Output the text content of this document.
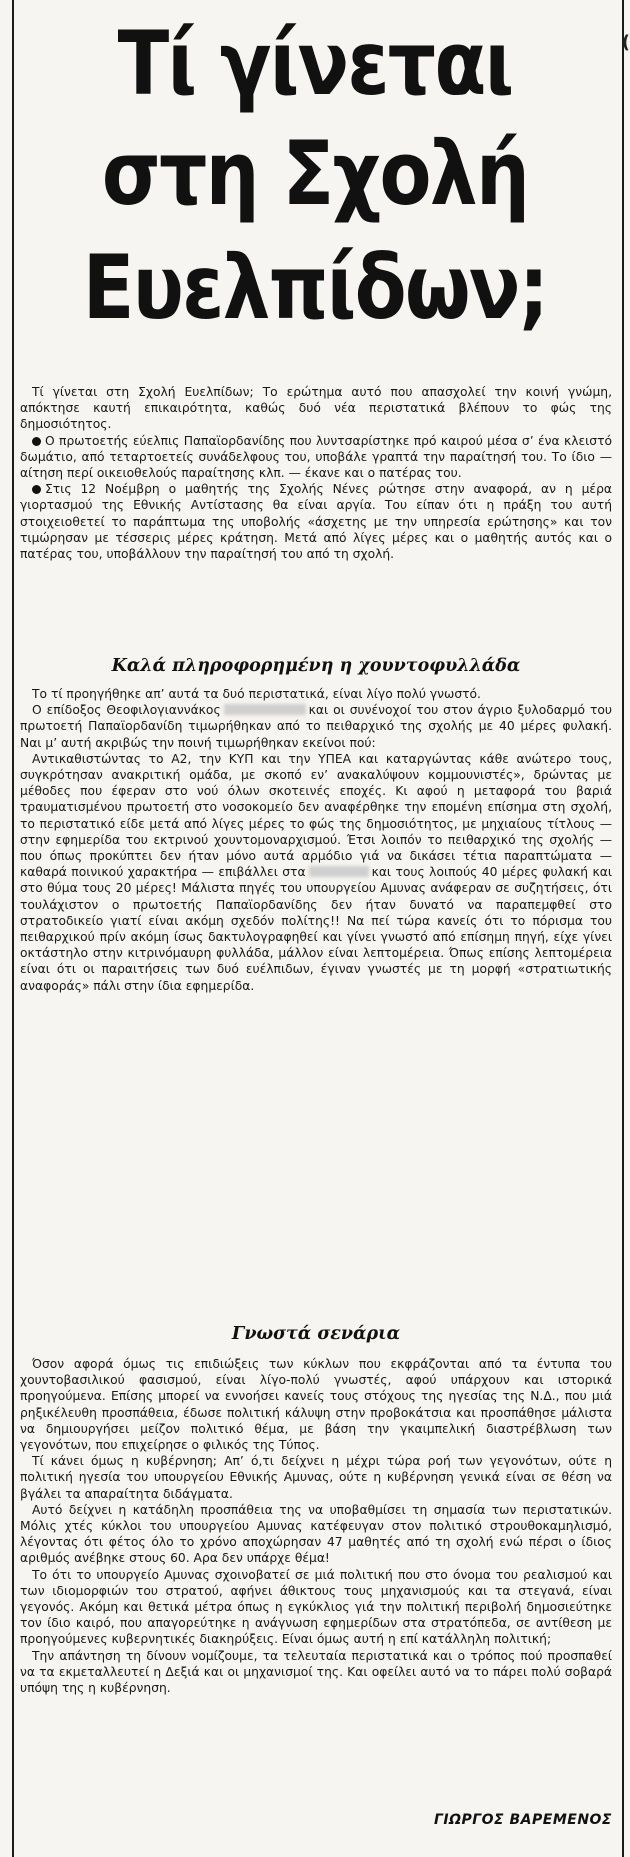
(
Τί γίνεται
στη Σχολή
Ευελπίδων;

Τί γίνεται στη Σχολή Ευελπίδων; Το ερώτημα αυτό που απασχολεί την κοινή γνώμη, απόκτησε καυτή επικαιρότητα, καθώς δυό νέα περιστατικά βλέπουν το φώς της δημοσιότητος.

Ο πρωτοετής εύελπις Παπαϊορδανίδης που λυντσαρίστηκε πρό καιρού μέσα σ’ ένα κλειστό δωμάτιο, από τεταρτοετείς συνάδελφους του, υποβάλε γραπτά την παραίτησή του. Το ίδιο — αίτηση περί οικειοθελούς παραίτησης κλπ. — έκανε και ο πατέρας του.

Στις 12 Νοέμβρη ο μαθητής της Σχολής Νένες ρώτησε στην αναφορά, αν η μέρα γιορτασμού της Εθνικής Αντίστασης θα είναι αργία. Του είπαν ότι η πράξη του αυτή στοιχειοθετεί το παράπτωμα της υποβολής «άσχετης με την υπηρεσία ερώτησης» και τον τιμώρησαν με τέσσερις μέρες κράτηση. Μετά από λίγες μέρες και ο μαθητής αυτός και ο πατέρας του, υποβάλλουν την παραίτησή του από τη σχολή.

Καλά πληροφορημένη η χουντοφυλλάδα

Το τί προηγήθηκε απ’ αυτά τα δυό περιστατικά, είναι λίγο πολύ γνωστό.

Ο επίδοξος Θεοφιλογιαννάκος	και οι συνένοχοί του στον άγριο ξυλοδαρμό του πρωτοετή Παπαϊορδανίδη τιμωρήθηκαν από το πειθαρχικό της σχολής με 40 μέρες φυλακή. Ναι μ’ αυτή ακριβώς την ποινή τιμωρήθηκαν εκείνοι πού:

Αντικαθιστώντας το Α2, την ΚΥΠ και την ΥΠΕΑ και καταργώντας κάθε ανώτερο τους, συγκρότησαν ανακριτική ομάδα, με σκοπό εν’ ανακαλύψουν κομμουνιστές», δρώντας με μέθοδες που έφεραν στο νού όλων σκοτεινές εποχές. Κι αφού η μεταφορά του βαριά τραυματισμένου πρωτοετή στο νοσοκομείο δεν αναφέρθηκε την επομένη επίσημα στη σχολή, το περιστατικό είδε μετά από λίγες μέρες το φώς της δημοσιότητος, με μηχιαίους τίτλους — στην εφημερίδα του εκτρινού χουντομοναρχισμού. Έτσι λοιπόν το πειθαρχικό της σχολής — που όπως προκύπτει δεν ήταν μόνο αυτά αρμόδιο γιά να δικάσει τέτια παραπτώματα — καθαρά ποινικού χαρακτήρα — επιβάλλει στα	και τους λοιπούς 40 μέρες φυλακή και στο θύμα τους 20 μέρες! Μάλιστα πηγές του υπουργείου Αμυνας ανάφεραν σε συζητήσεις, ότι τουλάχιστον ο πρωτοετής Παπαϊορδανίδης δεν ήταν δυνατό να παραπεμφθεί στο στρατοδικείο γιατί είναι ακόμη σχεδόν πολίτης!! Να πεί τώρα κανείς ότι το πόρισμα του πειθαρχικού πρίν ακόμη ίσως δακτυλογραφηθεί και γίνει γνωστό από επίσημη πηγή, είχε γίνει οκτάστηλο στην κιτρινόμαυρη φυλλάδα, μάλλον είναι λεπτομέρεια. Όπως επίσης λεπτομέρεια είναι ότι οι παραιτήσεις των δυό ευέλπιδων, έγιναν γνωστές με τη μορφή «στρατιωτικής αναφοράς» πάλι στην ίδια εφημερίδα.

Γνωστά σενάρια

Όσον αφορά όμως τις επιδιώξεις των κύκλων που εκφράζονται από τα έντυπα του χουντοβασιλικού φασισμού, είναι λίγο-πολύ γνωστές, αφού υπάρχουν και ιστορικά προηγούμενα. Επίσης μπορεί να εννοήσει κανείς τους στόχους της ηγεσίας της Ν.Δ., που μιά ρηξικέλευθη προσπάθεια, έδωσε πολιτική κάλυψη στην προβοκάτσια και προσπάθησε μάλιστα να δημιουργήσει μείζον πολιτικό θέμα, με βάση την γκαιμπελική διαστρέβλωση των γεγονότων, που επιχείρησε ο φιλικός της Τύπος.

Τί κάνει όμως η κυβέρνηση; Απ’ ό,τι δείχνει η μέχρι τώρα ροή των γεγονότων, ούτε η πολιτική ηγεσία του υπουργείου Εθνικής Αμυνας, ούτε η κυβέρνηση γενικά είναι σε θέση να βγάλει τα απαραίτητα διδάγματα.

Αυτό δείχνει η κατάδηλη προσπάθεια της να υποβαθμίσει τη σημασία των περιστατικών. Μόλις χτές κύκλοι του υπουργείου Αμυνας κατέφευγαν στον πολιτικό στρουθοκαμηλισμό, λέγοντας ότι φέτος όλο το χρόνο αποχώρησαν 47 μαθητές από τη σχολή ενώ πέρσι ο ίδιος αριθμός ανέβηκε στους 60. Αρα δεν υπάρχε θέμα!

Το ότι το υπουργείο Αμυνας σχοινοβατεί σε μιά πολιτική που στο όνομα του ρεαλισμού και των ιδιομορφιών του στρατού, αφήνει άθικτους τους μηχανισμούς και τα στεγανά, είναι γεγονός. Ακόμη και θετικά μέτρα όπως η εγκύκλιος γιά την πολιτική περιβολή δημοσιεύτηκε τον ίδιο καιρό, που απαγορεύτηκε η ανάγνωση εφημερίδων στα στρατόπεδα, σε αντίθεση με προηγούμενες κυβερνητικές διακηρύξεις. Είναι όμως αυτή η επί κατάλληλη πολιτική;

Την απάντηση τη δίνουν νομίζουμε, τα τελευταία περιστατικά και ο τρόπος πού προσπαθεί να τα εκμεταλλευτεί η Δεξιά και οι μηχανισμοί της. Και οφείλει αυτό να το πάρει πολύ σοβαρά υπόψη της η κυβέρνηση.

ΓΙΩΡΓΟΣ ΒΑΡΕΜΕΝΟΣ
